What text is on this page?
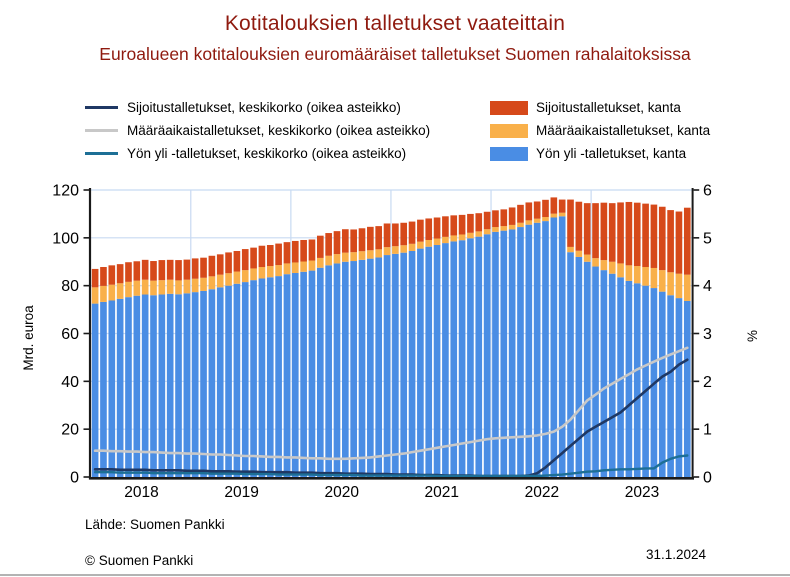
Kotitalouksien talletukset vaateittain
Euroalueen kotitalouksien euromääräiset talletukset Suomen rahalaitoksissa
Sijoitustalletukset, keskikorko (oikea asteikko)
Määräaikaistalletukset, keskikorko (oikea asteikko)
Yön yli -talletukset, keskikorko (oikea asteikko)
Sijoitustalletukset, kanta
Määräaikaistalletukset, kanta
Yön yli -talletukset, kanta
0
20
40
60
80
100
120
0
1
2
3
4
5
6
2018	2019	2020	2021	2022	2023
Mrd. euroa	%
Lähde: Suomen Pankki
© Suomen Pankki	31.1.2024
